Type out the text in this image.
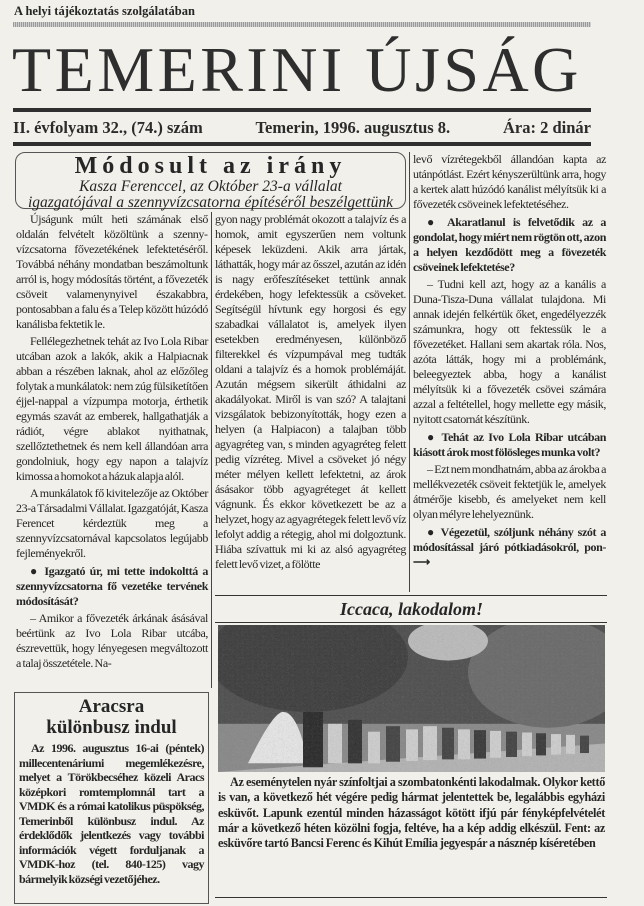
A helyi tájékoztatás szolgálatában
TEMERINI ÚJSÁG
II. évfolyam 32., (74.) szám	Temerin, 1996. augusztus 8.	Ára: 2 dinár
Módosult az irány
Kasza Ferenccel, az Október 23-a vállalat
igazgatójával a szennyvízcsatorna építéséről beszélgettünk

Újságunk múlt heti számának első oldalán felvételt közöltünk a szennyvízcsatorna fővezetékének lefektetéséről. Továbbá néhány mondatban beszámoltunk arról is, hogy módosítás történt, a fővezeték csöveit valamenynyivel északabbra, pontosabban a falu és a Telep között húzódó kanálisba fektetik le.

Fellélegezhetnek tehát az Ivo Lola Ribar utcában azok a lakók, akik a Halpiacnak abban a részében laknak, ahol az előzőleg folytak a munkálatok: nem zúg fülsiketítően éjjel-nappal a vízpumpa motorja, érthetik egymás szavát az emberek, hallgathatják a rádiót, végre ablakot nyithatnak, szellőztethetnek és nem kell állandóan arra gondolniuk, hogy egy napon a talajvíz kimossa a homokot a házuk alapja alól.

A munkálatok fő kivitelezője az Október 23-a Társadalmi Vállalat. Igazgatóját, Kasza Ferencet kérdeztük meg a szennyvízcsatornával kapcsolatos legújabb fejleményekről.

● Igazgató úr, mi tette indokolttá a szennyvízcsatorna fő vezetéke tervének módosítását?

– Amikor a fővezeték árkának ásásával beértünk az Ivo Lola Ribar utcába, észrevettük, hogy lényegesen megváltozott a talaj összetétele. Na-

gyon nagy problémát okozott a talajvíz és a homok, amit egyszerűen nem voltunk képesek leküzdeni. Akik arra jártak, láthatták, hogy már az ősszel, azután az idén is nagy erőfeszítéseket tettünk annak érdekében, hogy lefektessük a csöveket. Segítségül hívtunk egy horgosi és egy szabadkai vállalatot is, amelyek ilyen esetekben eredményesen, különböző filterekkel és vízpumpával meg tudták oldani a talajvíz és a homok problémáját. Azután mégsem sikerült áthidalni az akadályokat. Miről is van szó? A talajtani vizsgálatok bebizonyították, hogy ezen a helyen (a Halpiacon) a talajban több agyagréteg van, s minden agyagréteg felett pedig vízréteg. Mivel a csöveket jó négy méter mélyen kellett lefektetni, az árok ásásakor több agyagréteget át kellett vágnunk. És ekkor következett be az a helyzet, hogy az agyagrétegek felett levő víz lefolyt addig a rétegig, ahol mi dolgoztunk. Hiába szívattuk mi ki az alsó agyagréteg felett levő vizet, a fölötte

levő vízrétegekből állandóan kapta az utánpótlást. Ezért kényszerültünk arra, hogy a kertek alatt húzódó kanálist mélyítsük ki a fővezeték csöveinek lefektetéséhez.

● Akaratlanul is felvetődik az a gondolat, hogy miért nem rögtön ott, azon a helyen kezdődött meg a fövezeték csöveinek lefektetése?

– Tudni kell azt, hogy az a kanális a Duna-Tisza-Duna vállalat tulajdona. Mi annak idején felkértük őket, engedélyezzék számunkra, hogy ott fektessük le a fővezetéket. Hallani sem akartak róla. Nos, azóta látták, hogy mi a problémánk, beleegyeztek abba, hogy a kanálist mélyítsük ki a fővezeték csövei számára azzal a feltétellel, hogy mellette egy másik, nyitott csatornát készítünk.

● Tehát az Ivo Lola Ribar utcában kiásott árok most fölösleges munka volt?

– Ezt nem mondhatnám, abba az árokba a mellékvezeték csöveit fektetjük le, amelyek átmérője kisebb, és amelyeket nem kell olyan mélyre lehelyeznünk.

● Végezetül, szóljunk néhány szót a módosítással járó pótkiadásokról, pon- ⟶

Aracsra
különbusz indul
Az 1996. augusztus 16-ai (péntek) millecentenáriumi megemlékezésre, melyet a Törökbecséhez közeli Aracs középkori romtemplomnál tart a VMDK és a római katolikus püspökség, Temerinből különbusz indul. Az érdeklődők jelentkezés vagy további információk végett forduljanak a VMDK-hoz (tel. 840-125) vagy bármelyik községi vezetőjéhez.
Iccaca, lakodalom!
Az eseménytelen nyár színfoltjai a szombatonkénti lakodalmak. Olykor kettő is van, a következő hét végére pedig hármat jelentettek be, legalábbis egyházi esküvőt. Lapunk ezentúl minden házasságot kötött ifjú pár fényképfelvételét már a következő héten közölni fogja, feltéve, ha a kép addig elkészül. Fent: az esküvőre tartó Bancsi Ferenc és Kihút Emília jegyespár a násznép kíséretében
